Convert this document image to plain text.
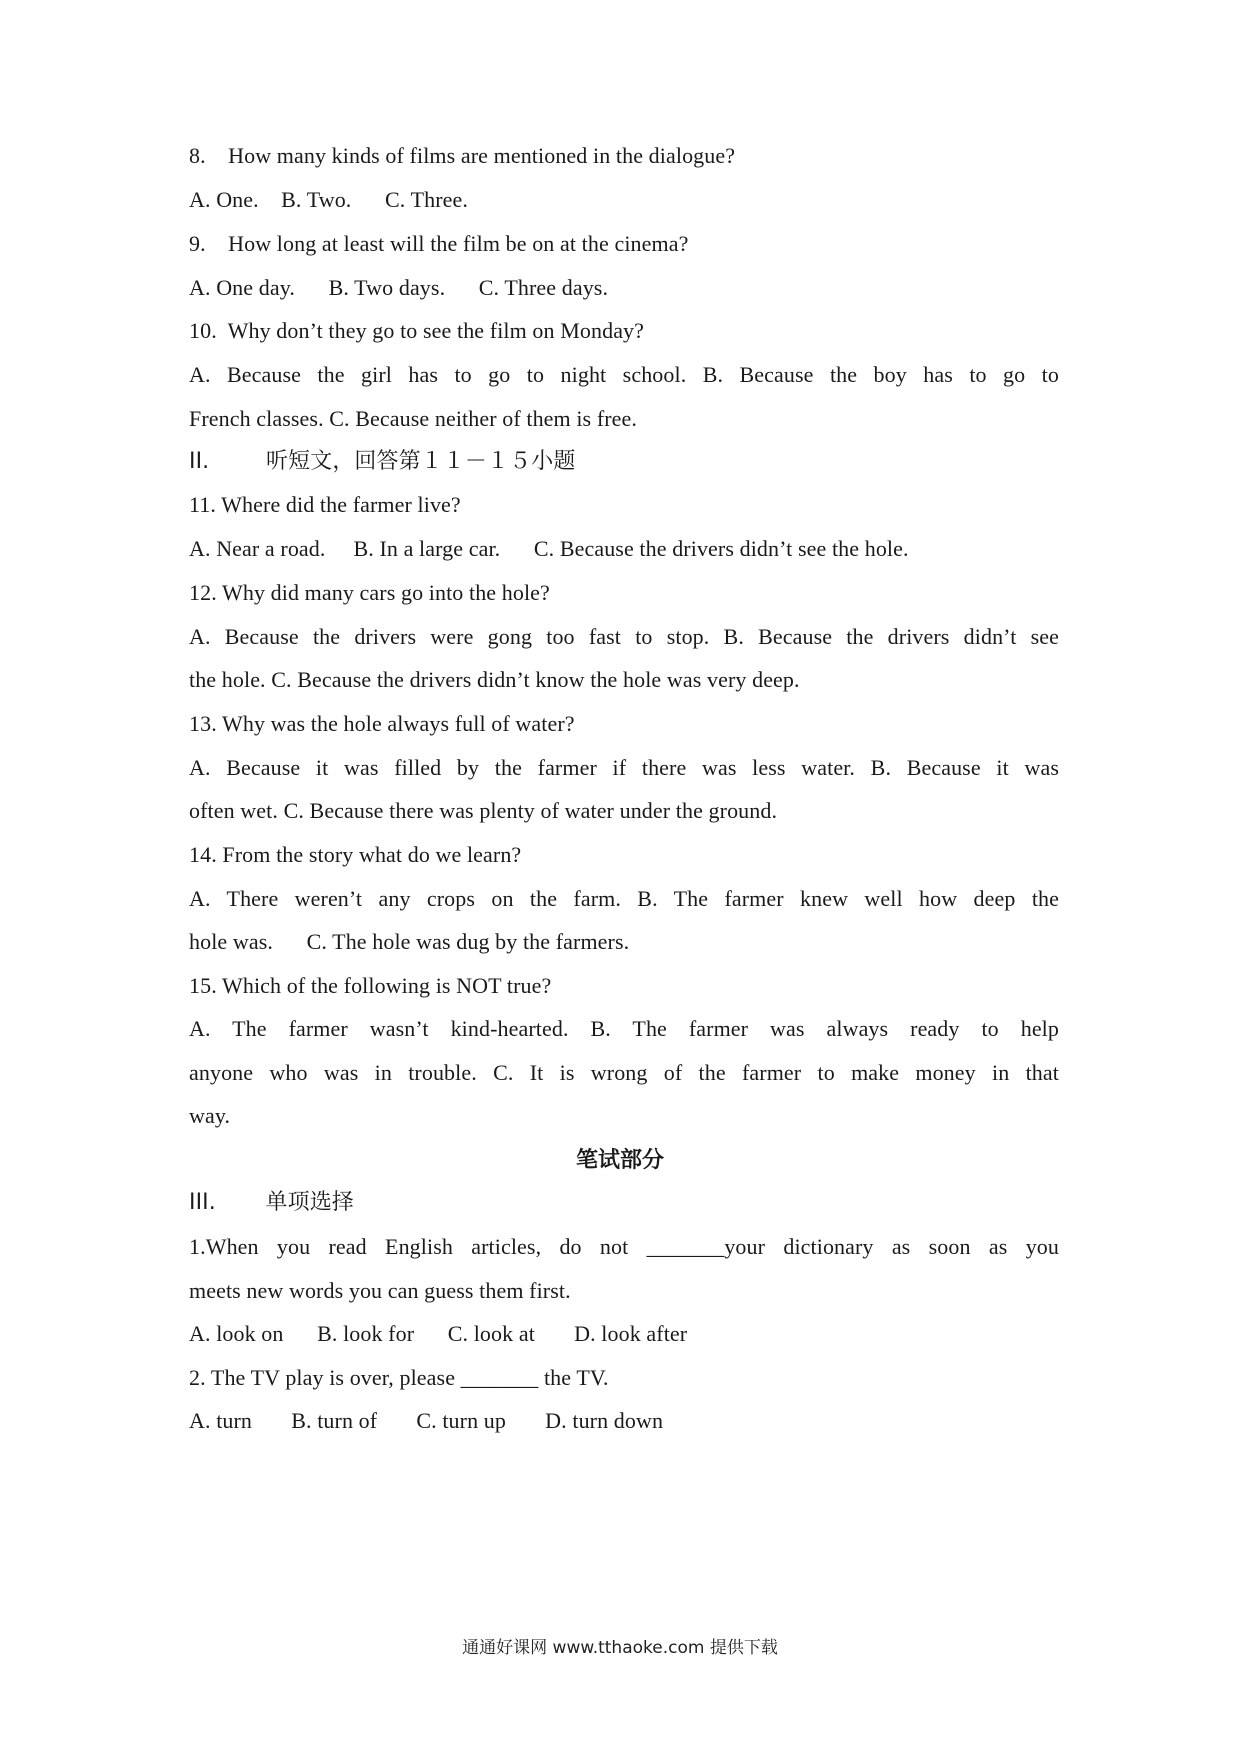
8.    How many kinds of films are mentioned in the dialogue?
A. One.    B. Two.      C. Three.
9.    How long at least will the film be on at the cinema?
A. One day.      B. Two days.      C. Three days.
10.  Why don’t they go to see the film on Monday?
A. Because the girl has to go to night school. B. Because the boy has to go to
French classes. C. Because neither of them is free.
II.        听短文，回答第１１－１５小题
11. Where did the farmer live?
A. Near a road.     B. In a large car.      C. Because the drivers didn’t see the hole.
12. Why did many cars go into the hole?
A. Because the drivers were gong too fast to stop. B. Because the drivers didn’t see
the hole. C. Because the drivers didn’t know the hole was very deep.
13. Why was the hole always full of water?
A. Because it was filled by the farmer if there was less water. B. Because it was
often wet. C. Because there was plenty of water under the ground.
14. From the story what do we learn?
A. There weren’t any crops on the farm. B. The farmer knew well how deep the
hole was.      C. The hole was dug by the farmers.
15. Which of the following is NOT true?
A. The farmer wasn’t kind-hearted. B. The farmer was always ready to help
anyone who was in trouble. C. It is wrong of the farmer to make money in that
way.
笔试部分
III.       单项选择
1.When you read English articles, do not _______your dictionary as soon as you
meets new words you can guess them first.
A. look on      B. look for      C. look at       D. look after
2. The TV play is over, please _______ the TV.
A. turn       B. turn of       C. turn up       D. turn down
通通好课网 www.tthaoke.com 提供下载
